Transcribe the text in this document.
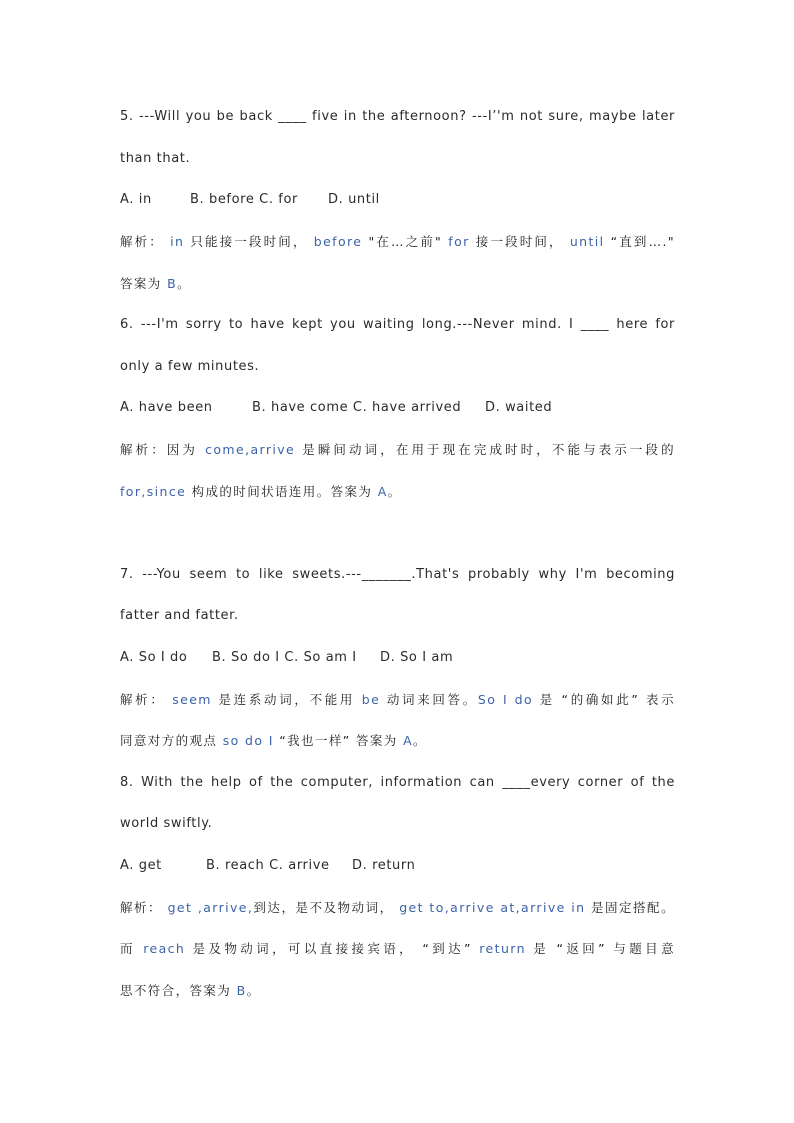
5. ---Will you be back ____ five in the afternoon? ---I’'m not sure, maybe later
than that.
A. in	B. before C. for D. until
解析： in 只能接一段时间， before "在…之前" for 接一段时间， until “直到…."
答案为 B。
6. ---I'm sorry to have kept you waiting long.---Never mind. I ____ here for
only a few minutes.
A. have been	B. have come C. have arrived D. waited
解析：因为 come,arrive 是瞬间动词，在用于现在完成时时，不能与表示一段的
for,since 构成的时间状语连用。答案为 A。
7. ---You seem to like sweets.---_______.That's probably why I'm becoming
fatter and fatter.
A. So I do B. So do I C. So am I D. So I am
解析： seem 是连系动词，不能用 be 动词来回答。So I do 是 “的确如此” 表示
同意对方的观点 so do I “我也一样” 答案为 A。
8. With the help of the computer, information can ____every corner of the
world swiftly.
A. get	B. reach C. arrive D. return
解析： get ,arrive,到达，是不及物动词， get to,arrive at,arrive in 是固定搭配。
而 reach 是及物动词，可以直接接宾语， “到达” return 是 “返回” 与题目意
思不符合，答案为 B。
